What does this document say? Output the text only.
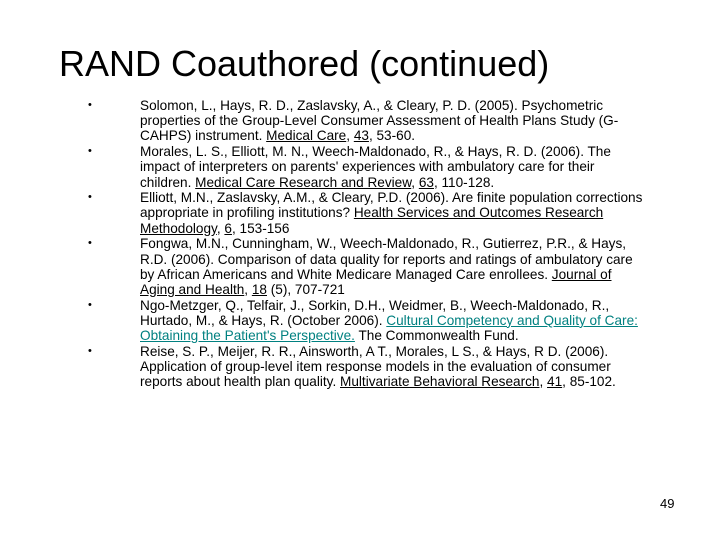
RAND Coauthored (continued)
•	Solomon, L., Hays, R. D., Zaslavsky, A., & Cleary, P. D. (2005). Psychometric properties of the Group-Level Consumer Assessment of Health Plans Study (G-CAHPS) instrument. Medical Care, 43, 53-60.
•	Morales, L. S., Elliott, M. N., Weech-Maldonado, R., & Hays, R. D. (2006). The impact of interpreters on parents' experiences with ambulatory care for their children. Medical Care Research and Review, 63, 110-128.
•	Elliott, M.N., Zaslavsky, A.M., & Cleary, P.D. (2006). Are finite population corrections appropriate in profiling institutions? Health Services and Outcomes Research Methodology, 6, 153-156
•	Fongwa, M.N., Cunningham, W., Weech-Maldonado, R., Gutierrez, P.R., & Hays, R.D. (2006). Comparison of data quality for reports and ratings of ambulatory care by African Americans and White Medicare Managed Care enrollees. Journal of Aging and Health, 18 (5), 707-721
•	Ngo-Metzger, Q., Telfair, J., Sorkin, D.H., Weidmer, B., Weech-Maldonado, R., Hurtado, M., & Hays, R. (October 2006). Cultural Competency and Quality of Care: Obtaining the Patient's Perspective. The Commonwealth Fund.
•	Reise, S. P., Meijer, R. R., Ainsworth, A T., Morales, L S., & Hays, R D. (2006). Application of group-level item response models in the evaluation of consumer reports about health plan quality. Multivariate Behavioral Research, 41, 85-102.
49
